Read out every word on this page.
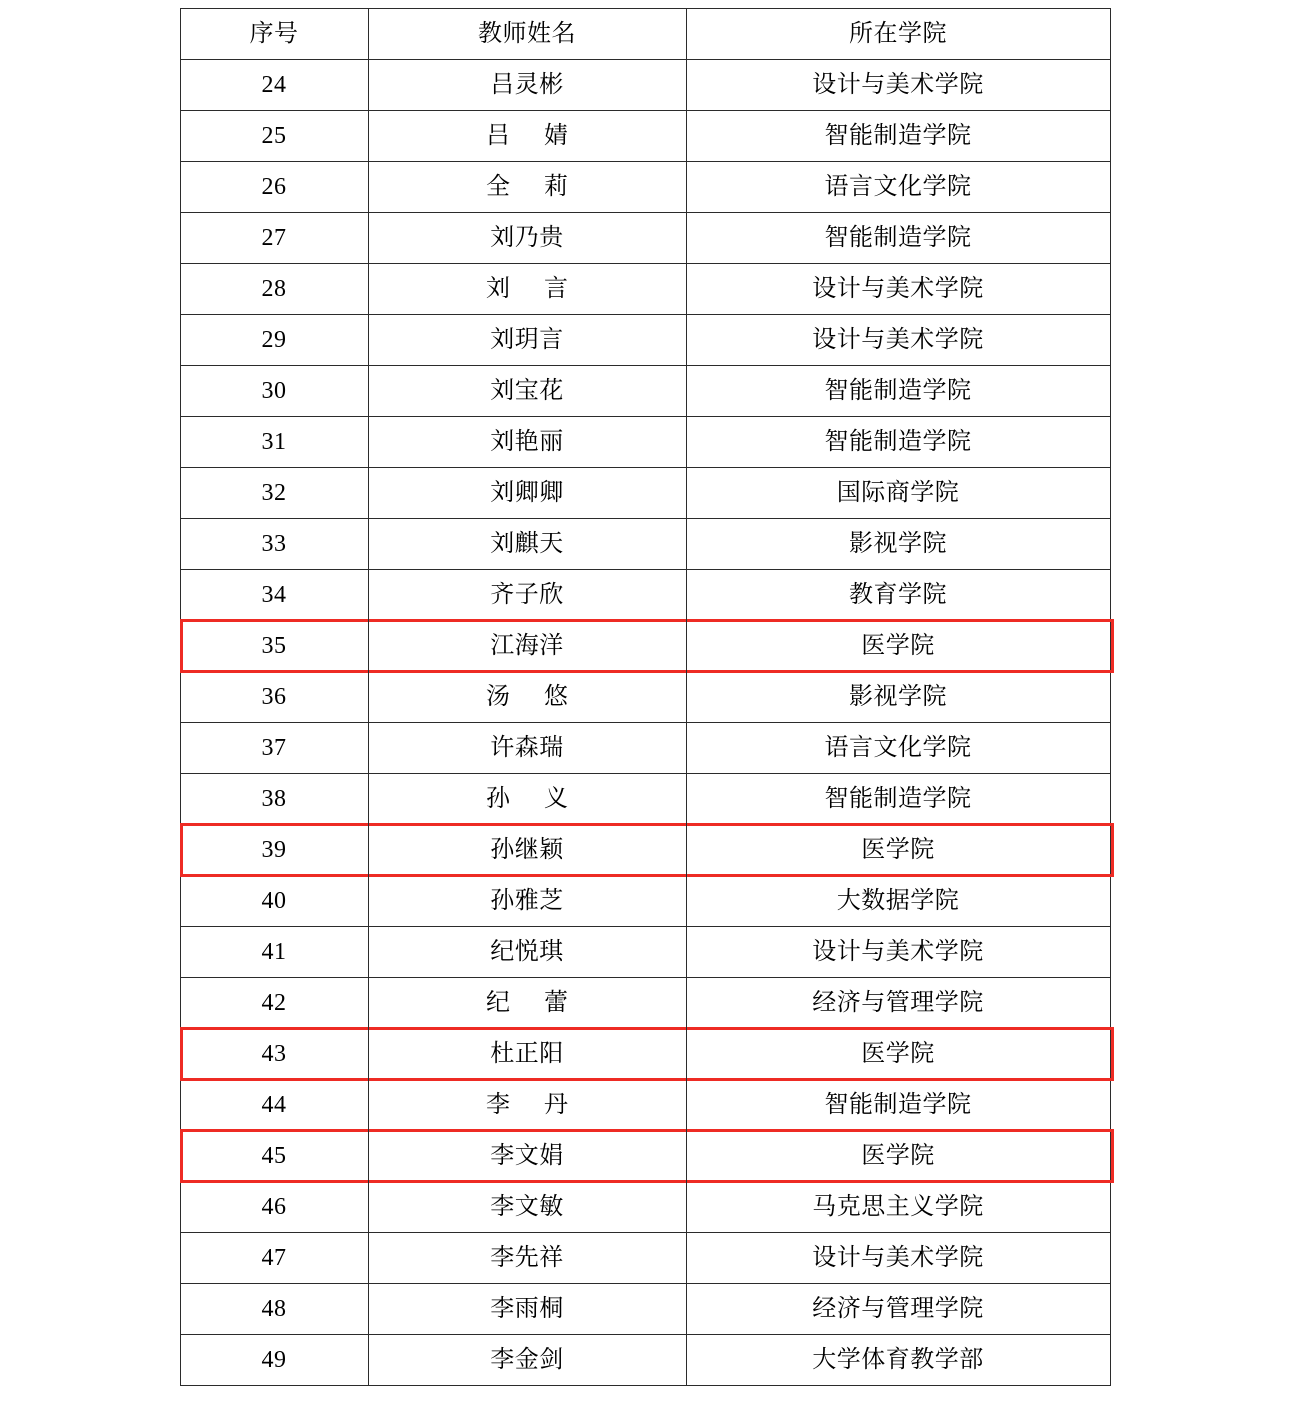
序号	教师姓名	所在学院
24	吕灵彬	设计与美术学院
25	吕 婧	智能制造学院
26	全 莉	语言文化学院
27	刘乃贵	智能制造学院
28	刘 言	设计与美术学院
29	刘玥言	设计与美术学院
30	刘宝花	智能制造学院
31	刘艳丽	智能制造学院
32	刘卿卿	国际商学院
33	刘麒天	影视学院
34	齐子欣	教育学院
35	江海洋	医学院
36	汤 悠	影视学院
37	许森瑞	语言文化学院
38	孙 义	智能制造学院
39	孙继颖	医学院
40	孙雅芝	大数据学院
41	纪悦琪	设计与美术学院
42	纪 蕾	经济与管理学院
43	杜正阳	医学院
44	李 丹	智能制造学院
45	李文娟	医学院
46	李文敏	马克思主义学院
47	李先祥	设计与美术学院
48	李雨桐	经济与管理学院
49	李金剑	大学体育教学部
